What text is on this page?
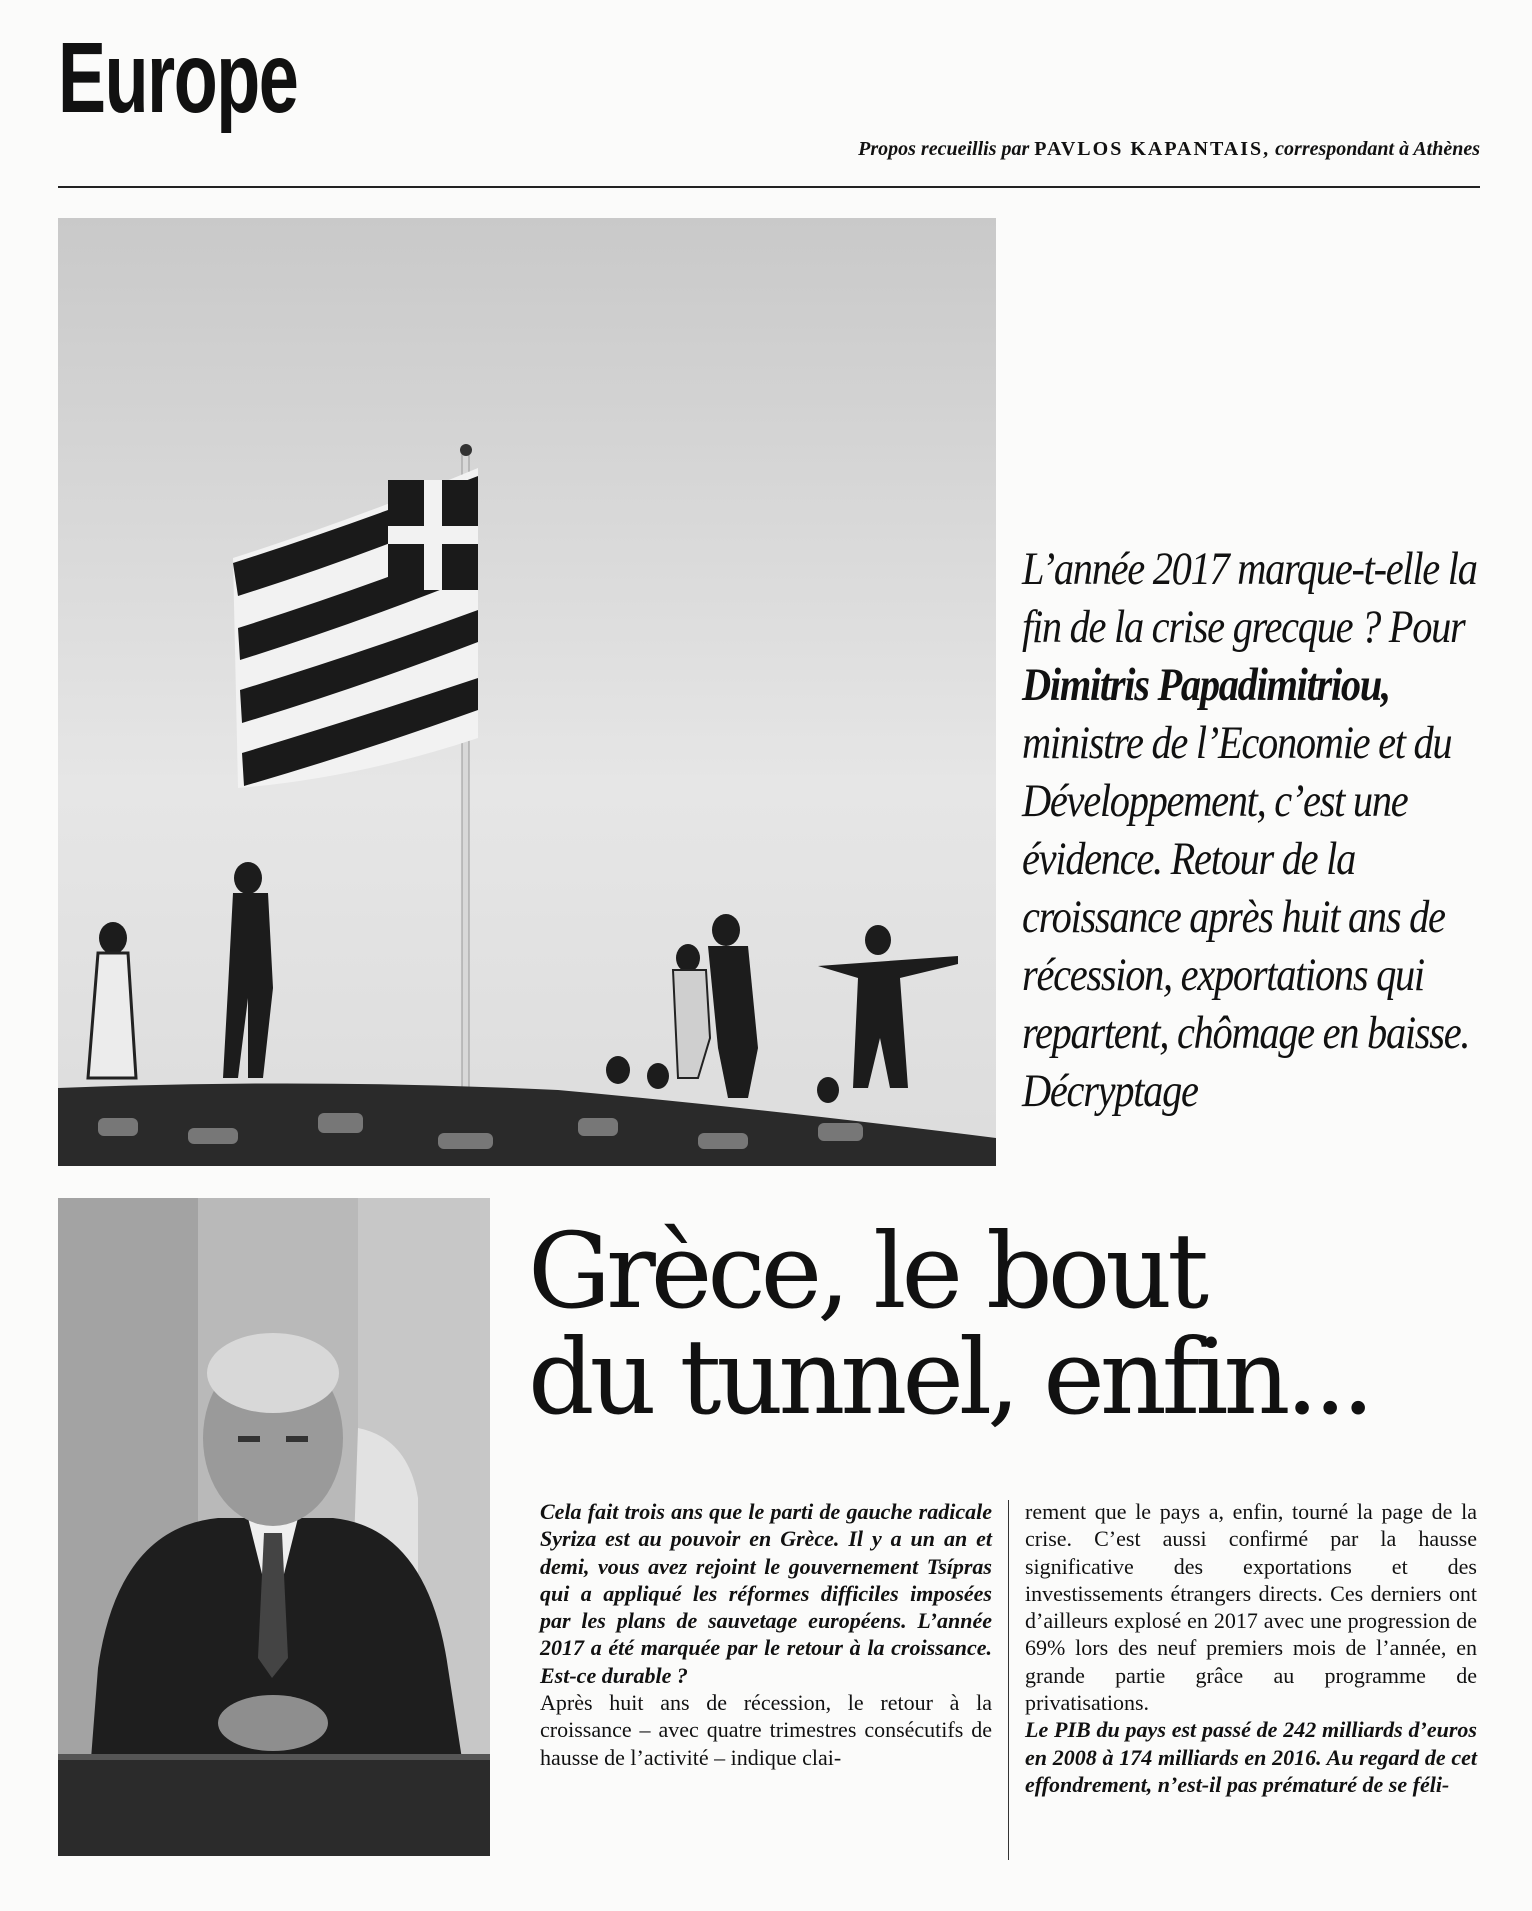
Europe
Propos recueillis par PAVLOS KAPANTAIS, correspondant à Athènes
L’année 2017 marque-t-elle la fin de la crise grecque ? Pour Dimitris Papadimitriou, ministre de l’Economie et du Développement, c’est une évidence. Retour de la croissance après huit ans de récession, exportations qui repartent, chômage en baisse. Décryptage
Grèce, le bout
du tunnel, enfin...
Cela fait trois ans que le parti de gauche radicale Syriza est au pouvoir en Grèce. Il y a un an et demi, vous avez rejoint le gouvernement Tsípras qui a appliqué les réformes difficiles imposées par les plans de sauvetage européens. L’année 2017 a été marquée par le retour à la croissance. Est-ce durable ?
Après huit ans de récession, le retour à la croissance – avec quatre trimestres consécutifs de hausse de l’activité – indique clai-
rement que le pays a, enfin, tourné la page de la crise. C’est aussi confirmé par la hausse significative des exportations et des investissements étrangers directs. Ces derniers ont d’ailleurs explosé en 2017 avec une progression de 69% lors des neuf premiers mois de l’année, en grande partie grâce au programme de privatisations.
Le PIB du pays est passé de 242 milliards d’euros en 2008 à 174 milliards en 2016. Au regard de cet effondrement, n’est-il pas prématuré de se féli-
